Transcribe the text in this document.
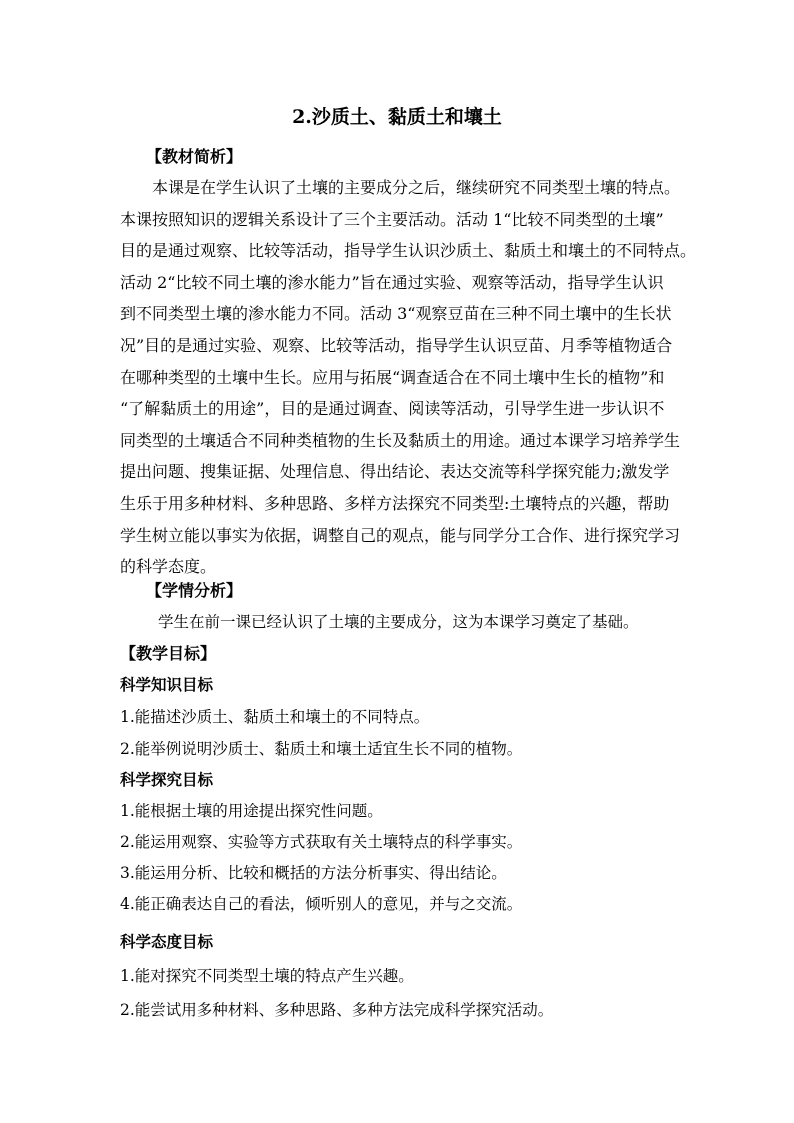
2.沙质土、黏质土和壤土
【教材简析】
本课是在学生认识了土壤的主要成分之后，继续研究不同类型土壤的特点。
本课按照知识的逻辑关系设计了三个主要活动。活动 1“比较不同类型的土壤”
目的是通过观察、比较等活动，指导学生认识沙质土、黏质土和壤土的不同特点。
活动 2“比较不同土壤的渗水能力”旨在通过实验、观察等活动，指导学生认识
到不同类型土壤的渗水能力不同。活动 3“观察豆苗在三种不同土壤中的生长状
况”目的是通过实验、观察、比较等活动，指导学生认识豆苗、月季等植物适合
在哪种类型的土壤中生长。应用与拓展“调查适合在不同土壤中生长的植物”和
“了解黏质土的用途”，目的是通过调查、阅读等活动，引导学生进一步认识不
同类型的土壤适合不同种类植物的生长及黏质土的用途。通过本课学习培养学生
提出问题、搜集证据、处理信息、得出结论、表达交流等科学探究能力;激发学
生乐于用多种材料、多种思路、多样方法探究不同类型:土壤特点的兴趣，帮助
学生树立能以事实为依据，调整自己的观点，能与同学分工合作、进行探究学习
的科学态度。
【学情分析】
学生在前一课已经认识了土壤的主要成分，这为本课学习奠定了基础。
【教学目标】
科学知识目标
1.能描述沙质土、黏质土和壤土的不同特点。
2.能举例说明沙质士、黏质土和壤土适宜生长不同的植物。
科学探究目标
1.能根据土壤的用途提出探究性问题。
2.能运用观察、实验等方式获取有关土壤特点的科学事实。
3.能运用分析、比较和概括的方法分析事实、得出结论。
4.能正确表达自己的看法，倾听别人的意见，并与之交流。
科学态度目标
1.能对探究不同类型土壤的特点产生兴趣。
2.能尝试用多种材料、多种思路、多种方法完成科学探究活动。
